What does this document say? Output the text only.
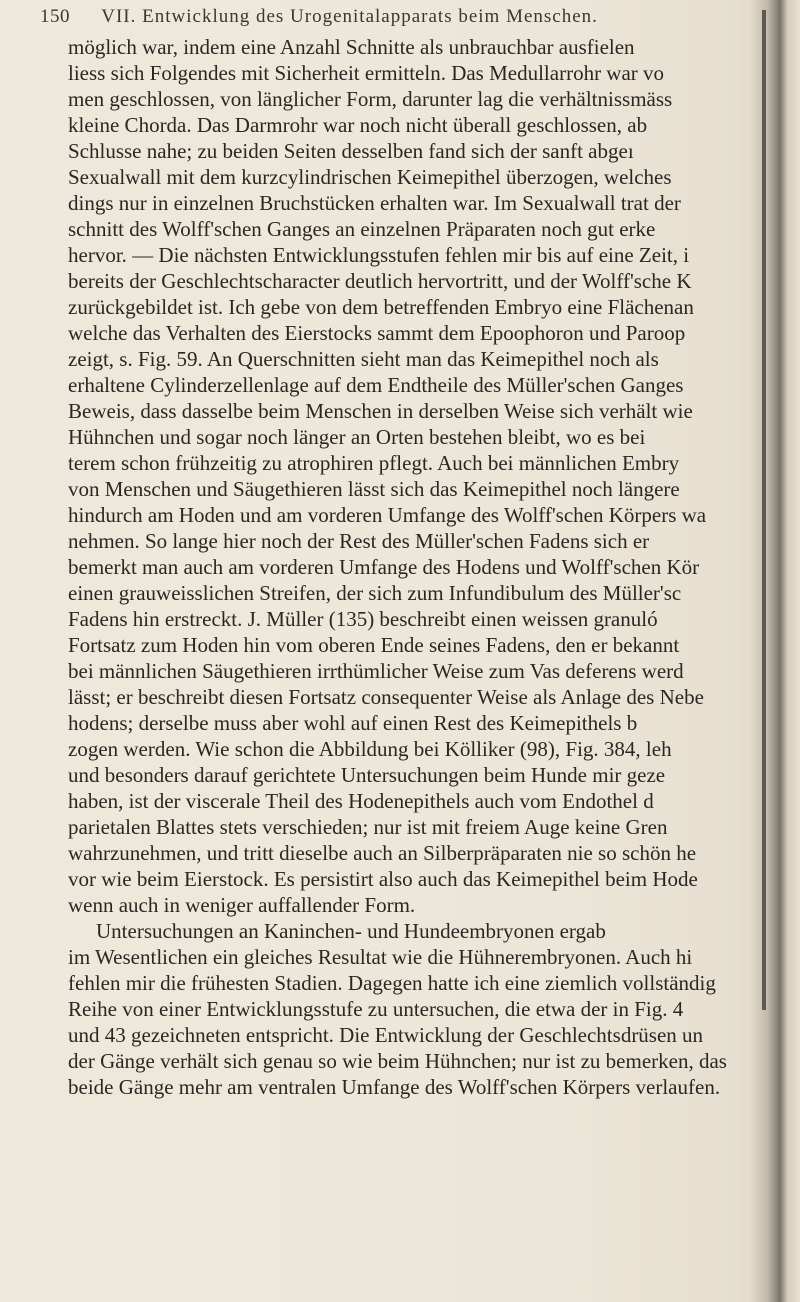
150 VII. Entwicklung des Urogenitalapparats beim Menschen.
möglich war, indem eine Anzahl Schnitte als unbrauchbar ausfielen
liess sich Folgendes mit Sicherheit ermitteln. Das Medullarrohr war vo
men geschlossen, von länglicher Form, darunter lag die verhältnissmäss
kleine Chorda. Das Darmrohr war noch nicht überall geschlossen, ab
Schlusse nahe; zu beiden Seiten desselben fand sich der sanft abgeı
Sexualwall mit dem kurzcylindrischen Keimepithel überzogen, welches
dings nur in einzelnen Bruchstücken erhalten war. Im Sexualwall trat der
schnitt des Wolff'schen Ganges an einzelnen Präparaten noch gut erke
hervor. — Die nächsten Entwicklungsstufen fehlen mir bis auf eine Zeit, i
bereits der Geschlechtscharacter deutlich hervortritt, und der Wolff'sche K
zurückgebildet ist. Ich gebe von dem betreffenden Embryo eine Flächenan
welche das Verhalten des Eierstocks sammt dem Epoophoron und Paroop
zeigt, s. Fig. 59. An Querschnitten sieht man das Keimepithel noch als
erhaltene Cylinderzellenlage auf dem Endtheile des Müller'schen Ganges
Beweis, dass dasselbe beim Menschen in derselben Weise sich verhält wie
Hühnchen und sogar noch länger an Orten bestehen bleibt, wo es bei
terem schon frühzeitig zu atrophiren pflegt. Auch bei männlichen Embry
von Menschen und Säugethieren lässt sich das Keimepithel noch längere
hindurch am Hoden und am vorderen Umfange des Wolff'schen Körpers wa
nehmen. So lange hier noch der Rest des Müller'schen Fadens sich er
bemerkt man auch am vorderen Umfange des Hodens und Wolff'schen Kör
einen grauweisslichen Streifen, der sich zum Infundibulum des Müller'sc
Fadens hin erstreckt. J. Müller (135) beschreibt einen weissen granuló
Fortsatz zum Hoden hin vom oberen Ende seines Fadens, den er bekannt
bei männlichen Säugethieren irrthümlicher Weise zum Vas deferens werd
lässt; er beschreibt diesen Fortsatz consequenter Weise als Anlage des Nebe
hodens; derselbe muss aber wohl auf einen Rest des Keimepithels b
zogen werden. Wie schon die Abbildung bei Kölliker (98), Fig. 384, leh
und besonders darauf gerichtete Untersuchungen beim Hunde mir geze
haben, ist der viscerale Theil des Hodenepithels auch vom Endothel d
parietalen Blattes stets verschieden; nur ist mit freiem Auge keine Gren
wahrzunehmen, und tritt dieselbe auch an Silberpräparaten nie so schön he
vor wie beim Eierstock. Es persistirt also auch das Keimepithel beim Hode
wenn auch in weniger auffallender Form.
Untersuchungen an Kaninchen- und Hundeembryonen ergab
im Wesentlichen ein gleiches Resultat wie die Hühnerembryonen. Auch hi
fehlen mir die frühesten Stadien. Dagegen hatte ich eine ziemlich vollständig
Reihe von einer Entwicklungsstufe zu untersuchen, die etwa der in Fig. 4
und 43 gezeichneten entspricht. Die Entwicklung der Geschlechtsdrüsen un
der Gänge verhält sich genau so wie beim Hühnchen; nur ist zu bemerken, das
beide Gänge mehr am ventralen Umfange des Wolff'schen Körpers verlaufen.
